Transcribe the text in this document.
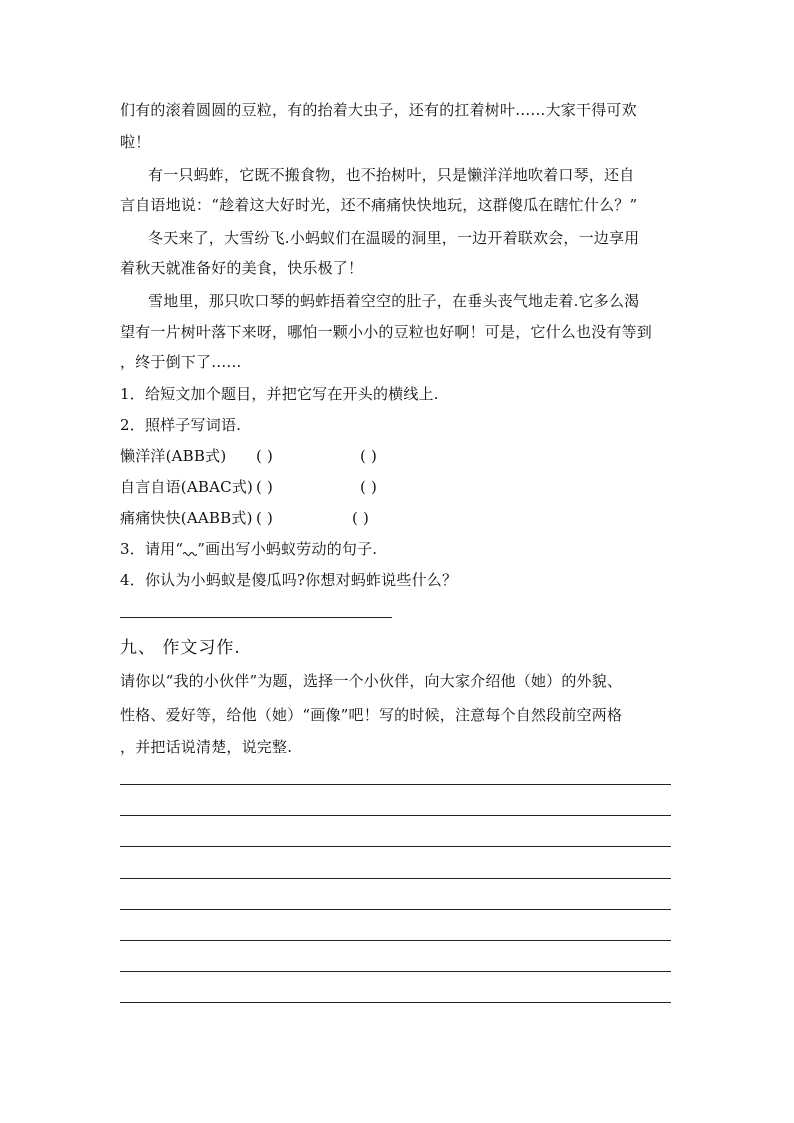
们有的滚着圆圆的豆粒，有的抬着大虫子，还有的扛着树叶……大家干得可欢
啦！
有一只蚂蚱，它既不搬食物，也不抬树叶，只是懒洋洋地吹着口琴，还自
言自语地说：“趁着这大好时光，还不痛痛快快地玩，这群傻瓜在瞎忙什么？”
冬天来了，大雪纷飞.小蚂蚁们在温暖的洞里，一边开着联欢会，一边享用
着秋天就准备好的美食，快乐极了！
雪地里，那只吹口琴的蚂蚱捂着空空的肚子，在垂头丧气地走着.它多么渴
望有一片树叶落下来呀，哪怕一颗小小的豆粒也好啊！可是，它什么也没有等到
，终于倒下了……
1．给短文加个题目，并把它写在开头的横线上.
2．照样子写词语.
懒洋洋(ABB式) ( )	( )
自言自语(ABAC式) ( )	( )
痛痛快快(AABB式) ( )	( )
3．请用“ ”画出写小蚂蚁劳动的句子.
4．你认为小蚂蚁是傻瓜吗?你想对蚂蚱说些什么？
九、 作文习作.
请你以“我的小伙伴”为题，选择一个小伙伴，向大家介绍他（她）的外貌、
性格、爱好等，给他（她）“画像”吧！写的时候，注意每个自然段前空两格
，并把话说清楚，说完整.
